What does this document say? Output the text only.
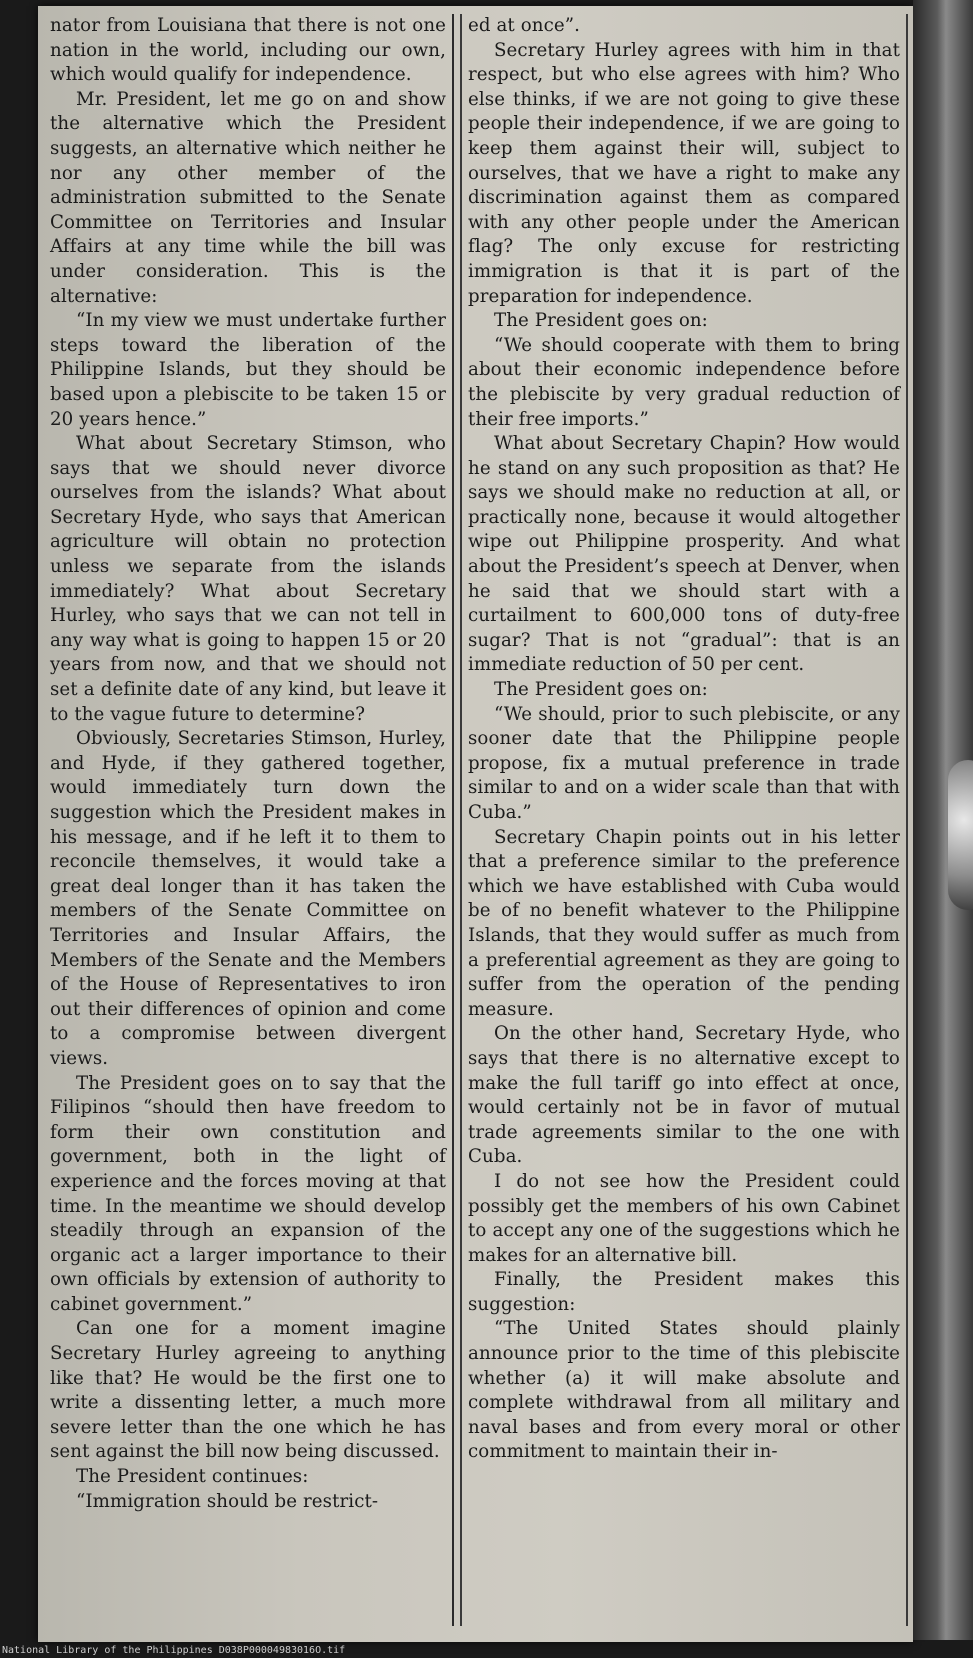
nator from Louisiana that there is not one nation in the world, including our own, which would qualify for independence.

Mr. President, let me go on and show the alternative which the President suggests, an alternative which neither he nor any other member of the administration submitted to the Senate Committee on Territories and Insular Affairs at any time while the bill was under consideration. This is the alternative:

“In my view we must undertake further steps toward the liberation of the Philippine Islands, but they should be based upon a plebiscite to be taken 15 or 20 years hence.”

What about Secretary Stimson, who says that we should never divorce ourselves from the islands? What about Secretary Hyde, who says that American agriculture will obtain no protection unless we separate from the islands immediately? What about Secretary Hurley, who says that we can not tell in any way what is going to happen 15 or 20 years from now, and that we should not set a definite date of any kind, but leave it to the vague future to determine?

Obviously, Secretaries Stimson, Hurley, and Hyde, if they gathered together, would immediately turn down the suggestion which the President makes in his message, and if he left it to them to reconcile themselves, it would take a great deal longer than it has taken the members of the Senate Committee on Territories and Insular Affairs, the Members of the Senate and the Members of the House of Representatives to iron out their differences of opinion and come to a compromise between divergent views.

The President goes on to say that the Filipinos “should then have freedom to form their own constitution and government, both in the light of experience and the forces moving at that time. In the meantime we should develop steadily through an expansion of the organic act a larger importance to their own officials by extension of authority to cabinet government.”

Can one for a moment imagine Secretary Hurley agreeing to anything like that? He would be the first one to write a dissenting letter, a much more severe letter than the one which he has sent against the bill now being discussed.

The President continues:

“Immigration should be restrict-

ed at once”.

Secretary Hurley agrees with him in that respect, but who else agrees with him? Who else thinks, if we are not going to give these people their independence, if we are going to keep them against their will, subject to ourselves, that we have a right to make any discrimination against them as compared with any other people under the American flag? The only excuse for restricting immigration is that it is part of the preparation for independence.

The President goes on:

“We should cooperate with them to bring about their economic independence before the plebiscite by very gradual reduction of their free imports.”

What about Secretary Chapin? How would he stand on any such proposition as that? He says we should make no reduction at all, or practically none, because it would altogether wipe out Philippine prosperity. And what about the President’s speech at Denver, when he said that we should start with a curtailment to 600,000 tons of duty-free sugar? That is not “gradual”: that is an immediate reduction of 50 per cent.

The President goes on:

“We should, prior to such plebiscite, or any sooner date that the Philippine people propose, fix a mutual preference in trade similar to and on a wider scale than that with Cuba.”

Secretary Chapin points out in his letter that a preference similar to the preference which we have established with Cuba would be of no benefit whatever to the Philippine Islands, that they would suffer as much from a preferential agreement as they are going to suffer from the operation of the pending measure.

On the other hand, Secretary Hyde, who says that there is no alternative except to make the full tariff go into effect at once, would certainly not be in favor of mutual trade agreements similar to the one with Cuba.

I do not see how the President could possibly get the members of his own Cabinet to accept any one of the suggestions which he makes for an alternative bill.

Finally, the President makes this suggestion:

“The United States should plainly announce prior to the time of this plebiscite whether (a) it will make absolute and complete withdrawal from all military and naval bases and from every moral or other commitment to maintain their in-

National Library of the Philippines D038P00004983016O.tif
